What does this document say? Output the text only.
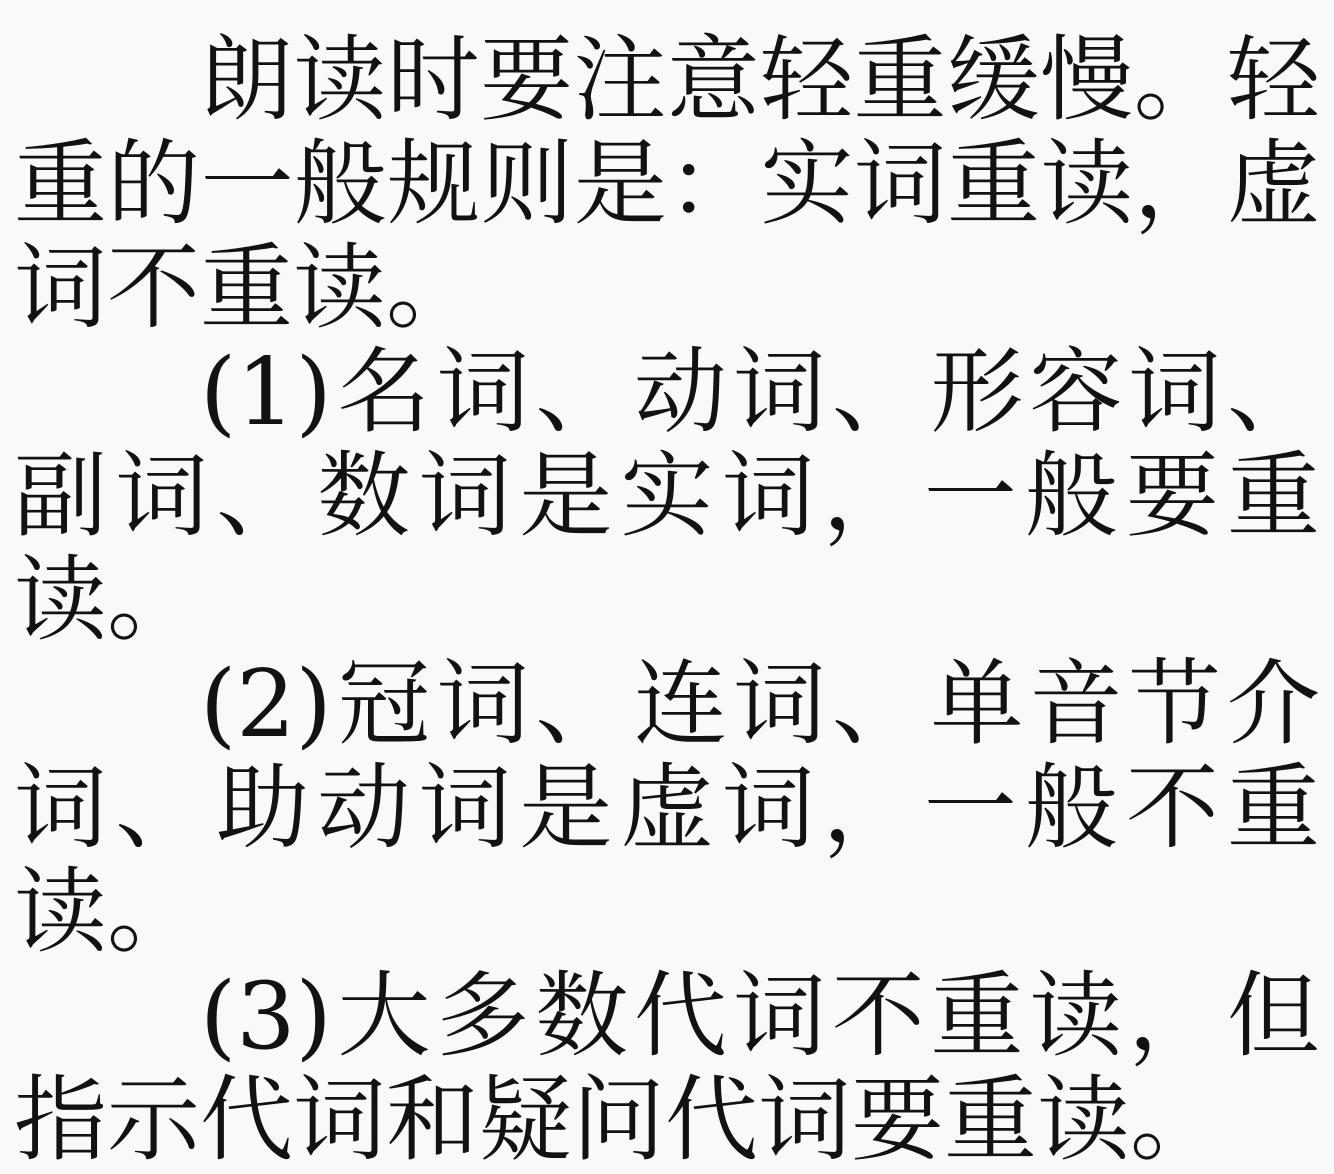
朗读时要注意轻重缓慢。轻重的一般规则是：实词重读，虚词不重读。

(1)名词、动词、形容词、副词、数词是实词，一般要重读。

(2)冠词、连词、单音节介词、助动词是虚词，一般不重读。

(3)大多数代词不重读，但指示代词和疑问代词要重读。
